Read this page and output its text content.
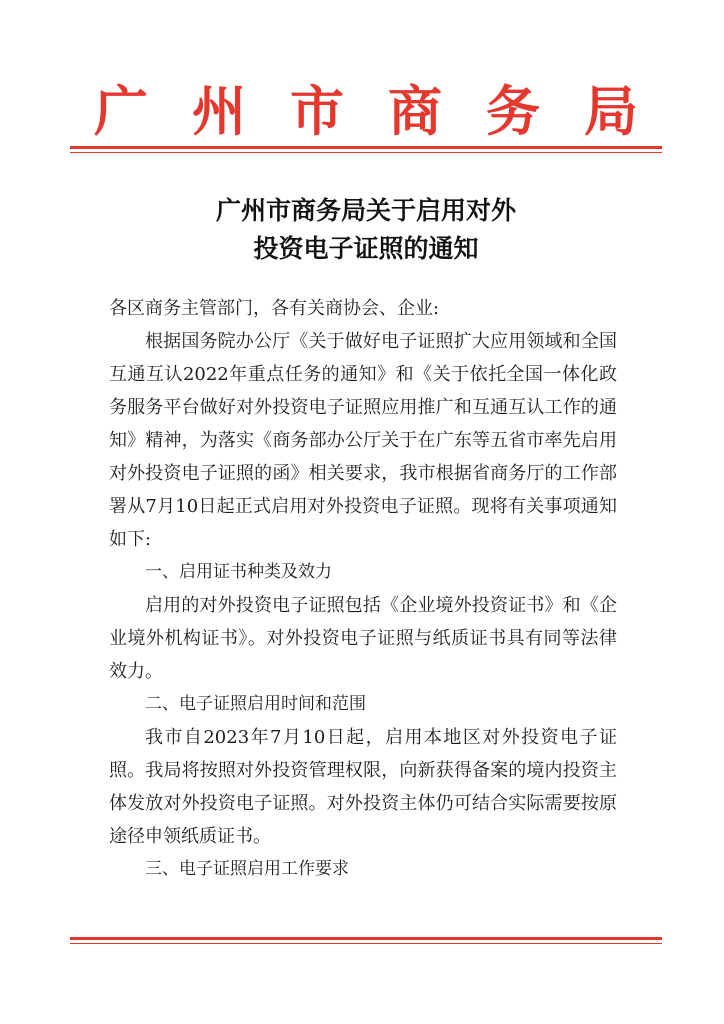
广 州 市 商 务 局
广州市商务局关于启用对外
投资电子证照的通知

各区商务主管部门，各有关商协会、企业:

根据国务院办公厅《关于做好电子证照扩大应用领域和全国互通互认2022年重点任务的通知》和《关于依托全国一体化政务服务平台做好对外投资电子证照应用推广和互通互认工作的通知》精神，为落实《商务部办公厅关于在广东等五省市率先启用对外投资电子证照的函》相关要求，我市根据省商务厅的工作部署从7月10日起正式启用对外投资电子证照。现将有关事项通知如下:

一、启用证书种类及效力

启用的对外投资电子证照包括《企业境外投资证书》和《企业境外机构证书》。对外投资电子证照与纸质证书具有同等法律效力。

二、电子证照启用时间和范围

我市自2023年7月10日起，启用本地区对外投资电子证照。我局将按照对外投资管理权限，向新获得备案的境内投资主体发放对外投资电子证照。对外投资主体仍可结合实际需要按原途径申领纸质证书。

三、电子证照启用工作要求
